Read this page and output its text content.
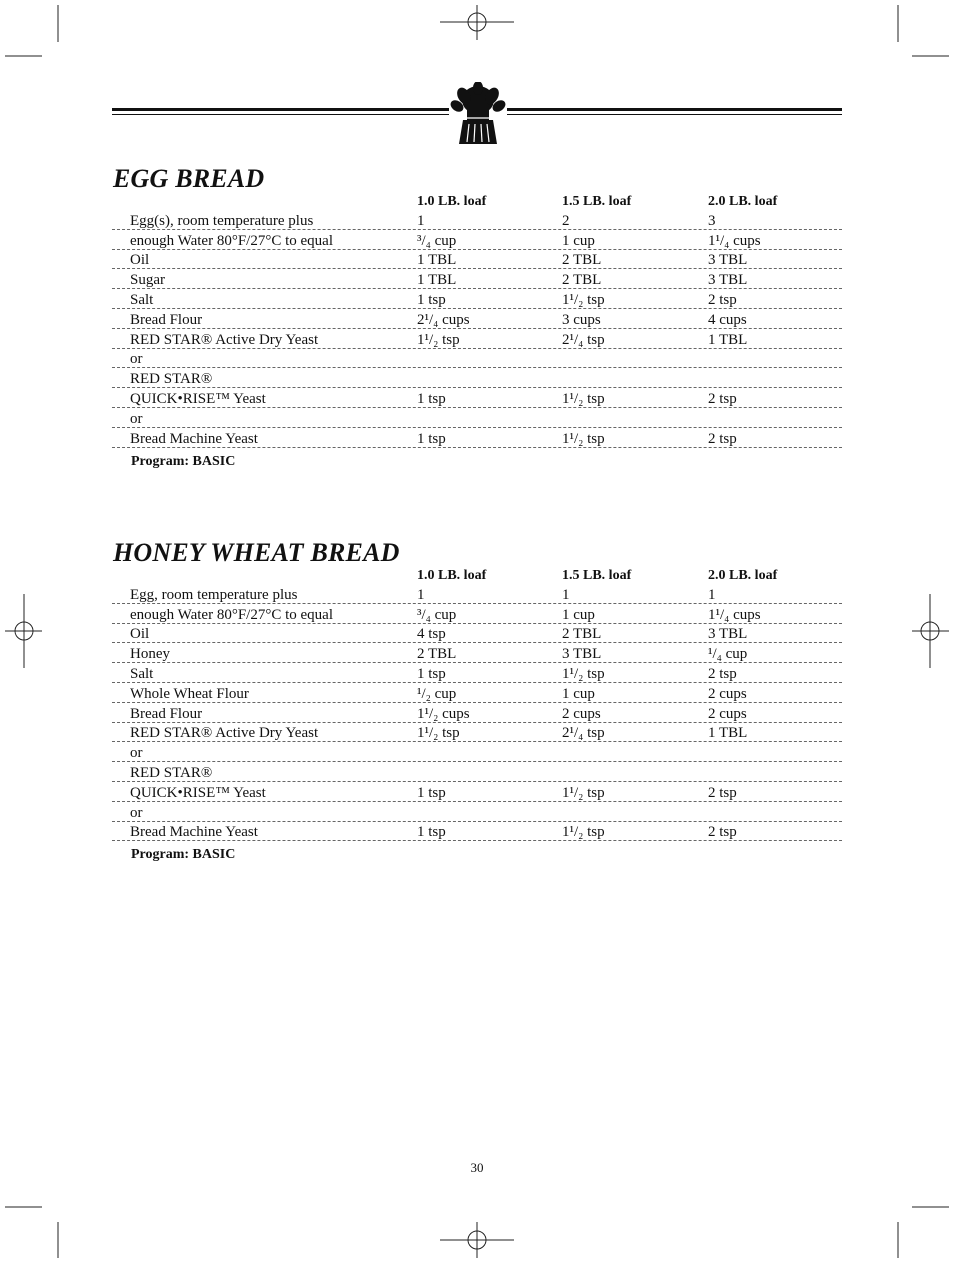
EGG BREAD
1.0 LB. loaf	1.5 LB. loaf	2.0 LB. loaf
Egg(s), room temperature plus	1	2	3
enough Water 80°F/27°C to equal	³/₄ cup	1 cup	1¹/₄ cups
Oil	1 TBL	2 TBL	3 TBL
Sugar	1 TBL	2 TBL	3 TBL
Salt	1 tsp	1¹/₂ tsp	2 tsp
Bread Flour	2¹/₄ cups	3 cups	4 cups
RED STAR® Active Dry Yeast	1¹/₂ tsp	2¹/₄ tsp	1 TBL
or
RED STAR®
QUICK•RISE™ Yeast	1 tsp	1¹/₂ tsp	2 tsp
or
Bread Machine Yeast	1 tsp	1¹/₂ tsp	2 tsp
Program: BASIC
HONEY WHEAT BREAD
1.0 LB. loaf	1.5 LB. loaf	2.0 LB. loaf
Egg, room temperature plus	1	1	1
enough Water 80°F/27°C to equal	³/₄ cup	1 cup	1¹/₄ cups
Oil	4 tsp	2 TBL	3 TBL
Honey	2 TBL	3 TBL	¹/₄ cup
Salt	1 tsp	1¹/₂ tsp	2 tsp
Whole Wheat Flour	¹/₂ cup	1 cup	2 cups
Bread Flour	1¹/₂ cups	2 cups	2 cups
RED STAR® Active Dry Yeast	1¹/₂ tsp	2¹/₄ tsp	1 TBL
or
RED STAR®
QUICK•RISE™ Yeast	1 tsp	1¹/₂ tsp	2 tsp
or
Bread Machine Yeast	1 tsp	1¹/₂ tsp	2 tsp
Program: BASIC
30
